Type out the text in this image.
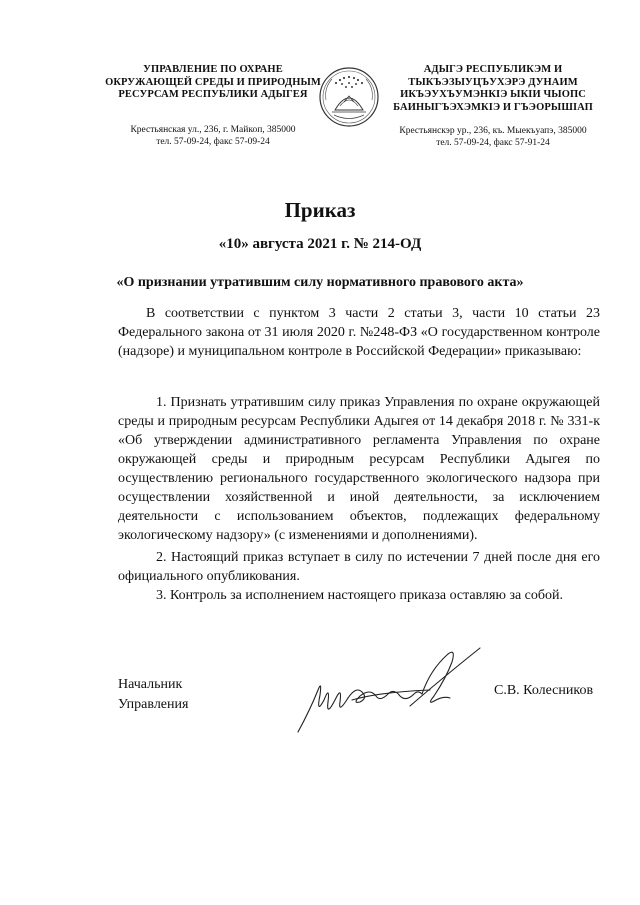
УПРАВЛЕНИЕ ПО ОХРАНЕ
ОКРУЖАЮЩЕЙ СРЕДЫ И ПРИРОДНЫМ
РЕСУРСАМ РЕСПУБЛИКИ АДЫГЕЯ
Крестьянская ул., 236, г. Майкоп, 385000
тел. 57-09-24, факс 57-09-24
АДЫГЭ РЕСПУБЛИКЭМ И
ТЫКЪЭЗЫУЦЪУХЭРЭ ДУНАИМ
ИКЪЭУХЪУМЭНКІЭ ЫКІИ ЧЫОПС
БАИНЫГЪЭХЭМКІЭ И ГЪЭОРЫШІАП
Крестьянскэр ур., 236, къ. Мыекъуапэ, 385000
тел. 57-09-24, факс 57-91-24
Приказ
«10» августа 2021 г. № 214-ОД
«О признании утратившим силу нормативного правового акта»
В соответствии с пунктом 3 части 2 статьи 3, части 10 статьи 23 Федерального закона от 31 июля 2020 г. №248-ФЗ «О государственном контроле (надзоре) и муниципальном контроле в Российской Федерации» приказываю:
1. Признать утратившим силу приказ Управления по охране окружающей среды и природным ресурсам Республики Адыгея от 14 декабря 2018 г. № 331-к «Об утверждении административного регламента Управления по охране окружающей среды и природным ресурсам Республики Адыгея по осуществлению регионального государственного экологического надзора при осуществлении хозяйственной и иной деятельности, за исключением деятельности с использованием объектов, подлежащих федеральному экологическому надзору» (с изменениями и дополнениями).
2. Настоящий приказ вступает в силу по истечении 7 дней после дня его официального опубликования.
3. Контроль за исполнением настоящего приказа оставляю за собой.
Начальник
Управления
С.В. Колесников
